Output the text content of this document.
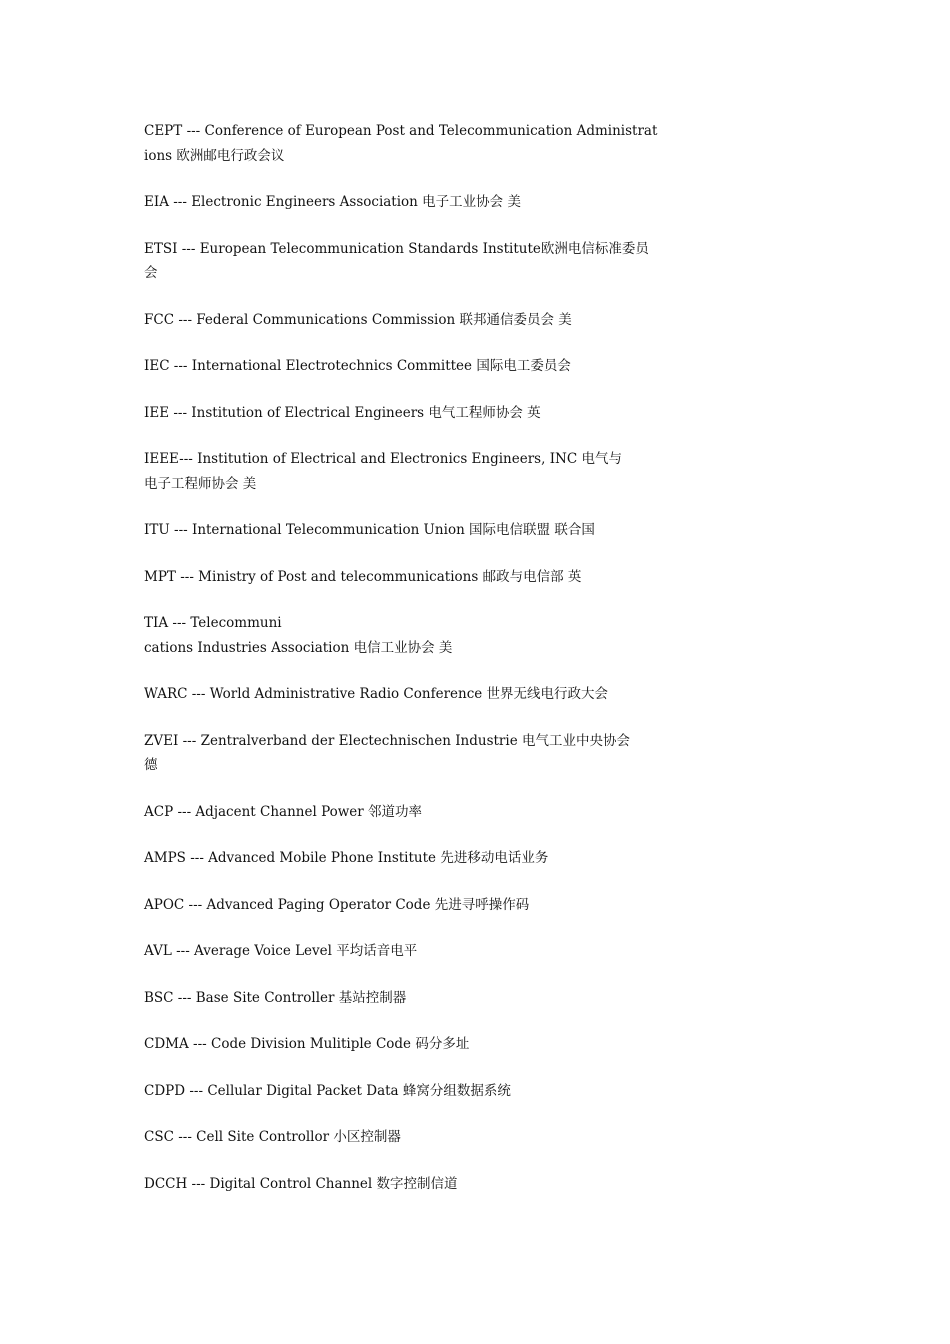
CEPT --- Conference of European Post and Telecommunication Administrat
ions 欧洲邮电行政会议
EIA --- Electronic Engineers Association 电子工业协会 美
ETSI --- European Telecommunication Standards Institute欧洲电信标准委员
会
FCC --- Federal Communications Commission 联邦通信委员会 美
IEC --- International Electrotechnics Committee 国际电工委员会
IEE --- Institution of Electrical Engineers 电气工程师协会 英
IEEE--- Institution of Electrical and Electronics Engineers, INC 电气与
电子工程师协会 美
ITU --- International Telecommunication Union 国际电信联盟 联合国
MPT --- Ministry of Post and telecommunications 邮政与电信部 英
TIA --- Telecommuni
cations Industries Association 电信工业协会 美
WARC --- World Administrative Radio Conference 世界无线电行政大会
ZVEI --- Zentralverband der Electechnischen Industrie 电气工业中央协会
德
ACP --- Adjacent Channel Power 邻道功率
AMPS --- Advanced Mobile Phone Institute 先进移动电话业务
APOC --- Advanced Paging Operator Code 先进寻呼操作码
AVL --- Average Voice Level 平均话音电平
BSC --- Base Site Controller 基站控制器
CDMA --- Code Division Mulitiple Code 码分多址
CDPD --- Cellular Digital Packet Data 蜂窝分组数据系统
CSC --- Cell Site Controllor 小区控制器
DCCH --- Digital Control Channel 数字控制信道
